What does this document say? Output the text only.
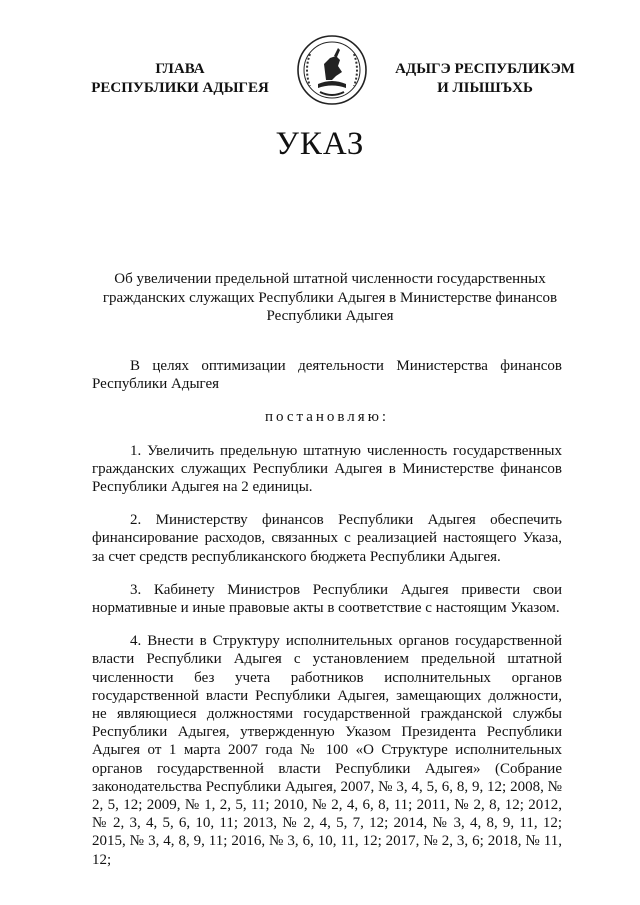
ГЛАВА
РЕСПУБЛИКИ АДЫГЕЯ
АДЫГЭ РЕСПУБЛИКЭМ
И ЛIЫШЪХЬ
УКАЗ
Об увеличении предельной штатной численности государственных гражданских служащих Республики Адыгея в Министерстве финансов Республики Адыгея

В целях оптимизации деятельности Министерства финансов Республики Адыгея

постановляю:

1. Увеличить предельную штатную численность государственных гражданских служащих Республики Адыгея в Министерстве финансов Республики Адыгея на 2 единицы.

2. Министерству финансов Республики Адыгея обеспечить финансирование расходов, связанных с реализацией настоящего Указа, за счет средств республиканского бюджета Республики Адыгея.

3. Кабинету Министров Республики Адыгея привести свои нормативные и иные правовые акты в соответствие с настоящим Указом.

4. Внести в Структуру исполнительных органов государственной власти Республики Адыгея с установлением предельной штатной численности без учета работников исполнительных органов государственной власти Республики Адыгея, замещающих должности, не являющиеся должностями государственной гражданской службы Республики Адыгея, утвержденную Указом Президента Республики Адыгея от 1 марта 2007 года № 100 «О Структуре исполнительных органов государственной власти Республики Адыгея» (Собрание законодательства Республики Адыгея, 2007, № 3, 4, 5, 6, 8, 9, 12; 2008, № 2, 5, 12; 2009, № 1, 2, 5, 11; 2010, № 2, 4, 6, 8, 11; 2011, № 2, 8, 12; 2012, № 2, 3, 4, 5, 6, 10, 11; 2013, № 2, 4, 5, 7, 12; 2014, № 3, 4, 8, 9, 11, 12; 2015, № 3, 4, 8, 9, 11; 2016, № 3, 6, 10, 11, 12; 2017, № 2, 3, 6; 2018, № 11, 12;
